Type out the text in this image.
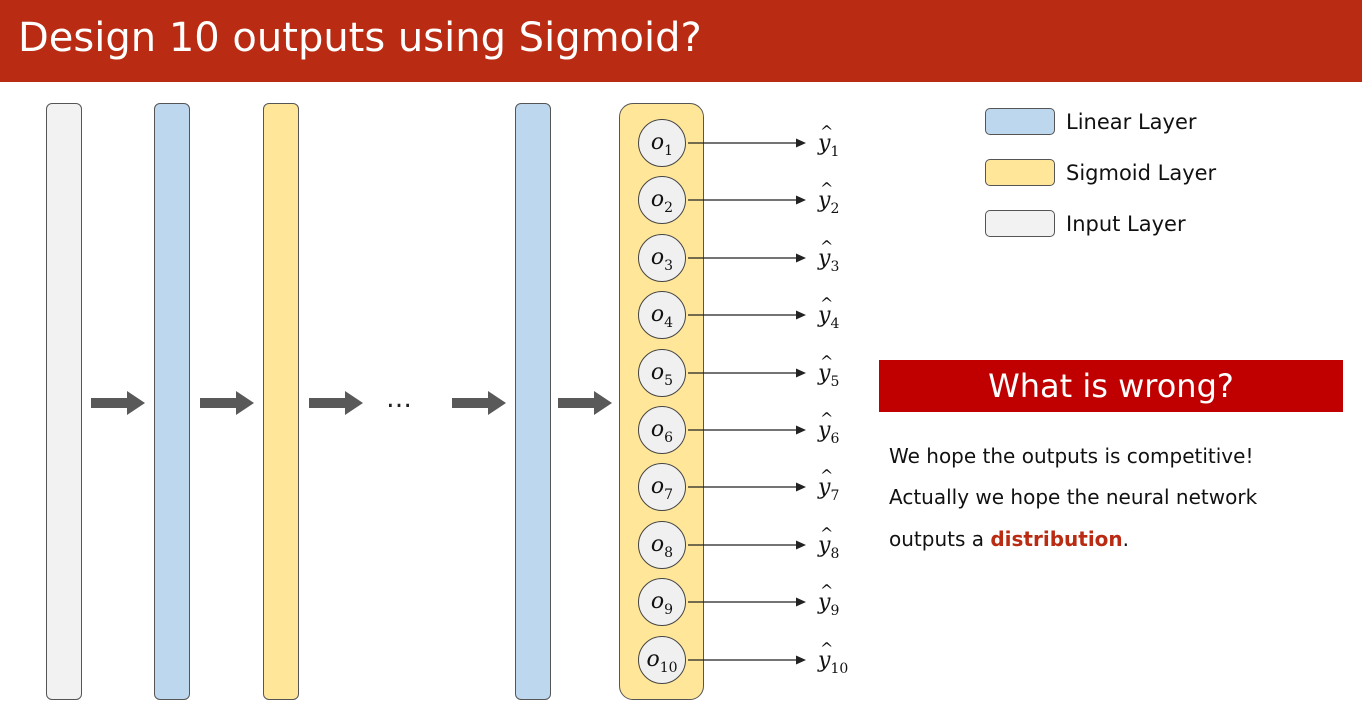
Design 10 outputs using Sigmoid?
…
$o_1$	^ $y_1$
$o_2$	^ $y_2$
$o_3$	^ $y_3$
$o_4$	^ $y_4$
$o_5$	^ $y_5$
$o_6$	^ $y_6$
$o_7$	^ $y_7$
$o_8$	^ $y_8$
$o_9$	^ $y_9$
$o_{10}$	^ $y_{10}$
Linear Layer
Sigmoid Layer
Input Layer
What is wrong?
We hope the outputs is competitive!
Actually we hope the neural network
outputs a distribution.
